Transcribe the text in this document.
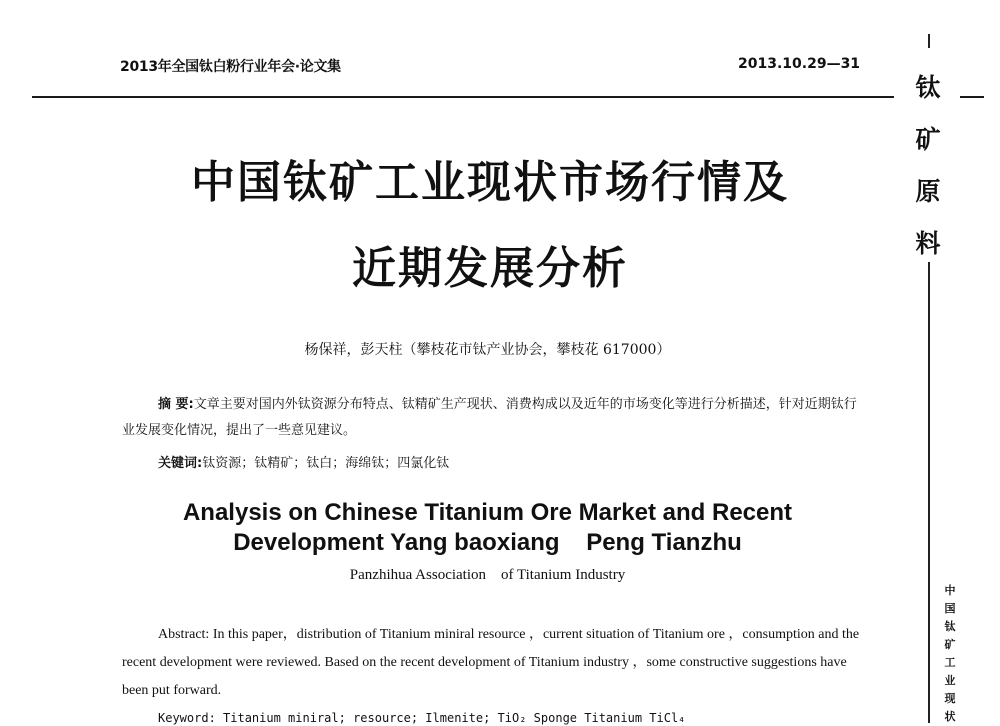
2013年全国钛白粉行业年会·论文集	2013.10.29—31
钛
矿
原
料
中
国
钛
矿
工
业
现
状
中国钛矿工业现状市场行情及
近期发展分析
杨保祥，彭天柱（攀枝花市钛产业协会，攀枝花 617000）
摘 要:文章主要对国内外钛资源分布特点、钛精矿生产现状、消费构成以及近年的市场变化等进行分析描述，针对近期钛行业发展变化情况，提出了一些意见建议。
关键词:钛资源；钛精矿；钛白；海绵钛；四氯化钛
Analysis on Chinese Titanium Ore Market and Recent
Development Yang baoxiang    Peng Tianzhu
Panzhihua Association    of Titanium Industry
Abstract: In this paper，distribution of Titanium miniral resource ，current situation of Titanium ore ，consumption and the recent development were reviewed. Based on the recent development of Titanium industry ，some constructive suggestions have been put forward.
Keyword: Titanium miniral; resource; Ilmenite; TiO₂ Sponge Titanium TiCl₄
